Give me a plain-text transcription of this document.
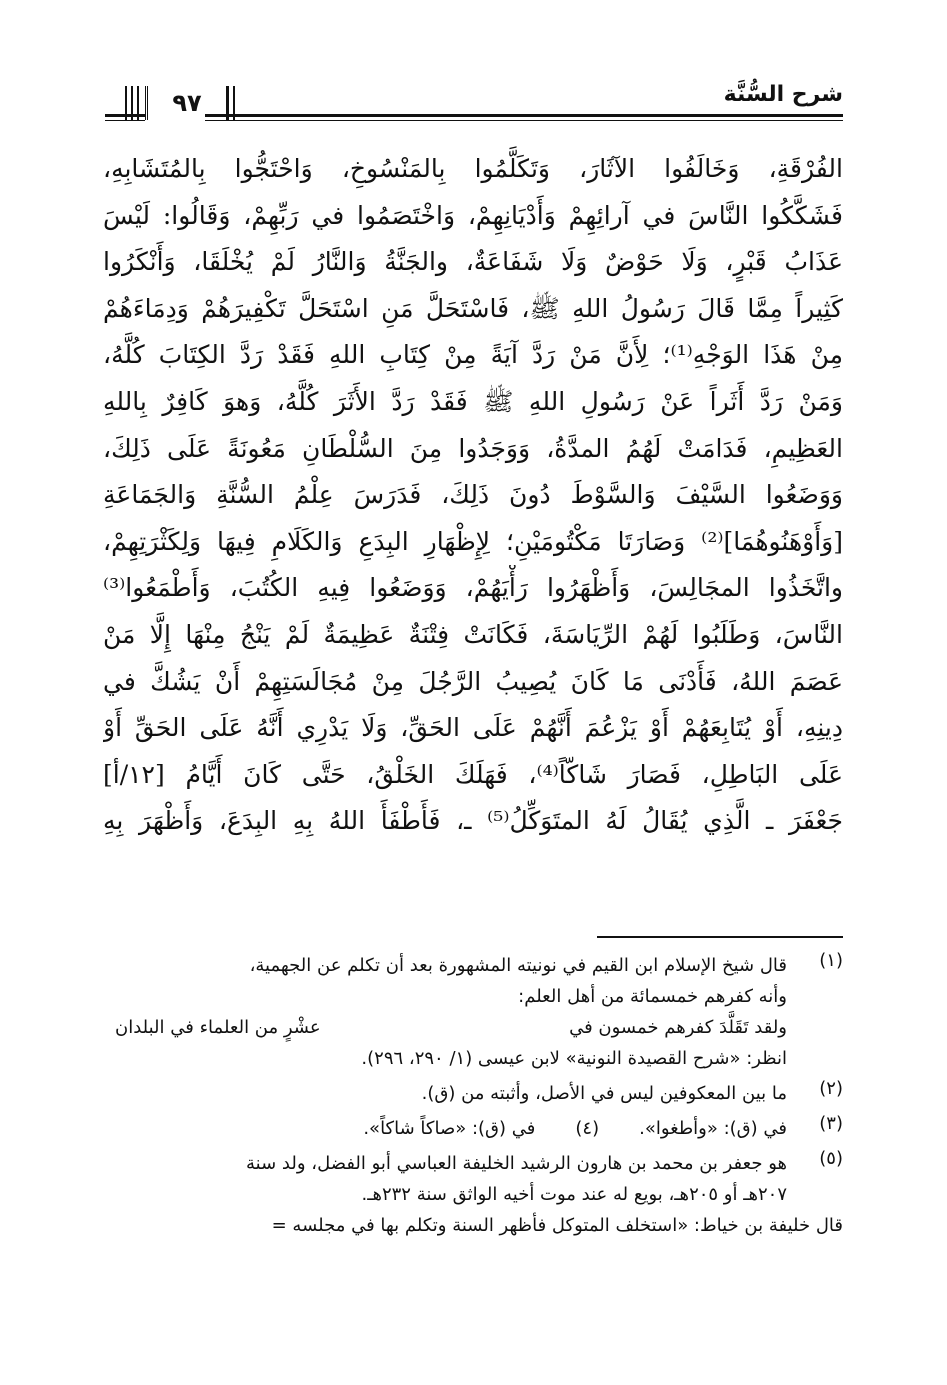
شرح السُّنَّة
٩٧
الفُرْقَةِ، وَخَالَفُوا الآثَارَ، وَتَكَلَّمُوا بِالمَنْسُوخِ، وَاحْتَجُّوا بِالمُتَشَابِهِ،
فَشَكَّكُوا النَّاسَ في آرائِهِمْ وَأَدْيَانِهِمْ، وَاخْتَصَمُوا في رَبِّهِمْ، وَقَالُوا: لَيْسَ
عَذَابُ قَبْرٍ، وَلَا حَوْضٌ وَلَا شَفَاعَةٌ، والجَنَّةُ وَالنَّارُ لَمْ يُخْلَقَا، وَأَنْكَرُوا
كَثِيراً مِمَّا قَالَ رَسُولُ اللهِ ﷺ، فَاسْتَحَلَّ مَنِ اسْتَحَلَّ تَكْفِيرَهُمْ وَدِمَاءَهُمْ
مِنْ هَذَا الوَجْهِ⁽¹⁾؛ لِأَنَّ مَنْ رَدَّ آيَةً مِنْ كِتَابِ اللهِ فَقَدْ رَدَّ الكِتَابَ كُلَّهُ،
وَمَنْ رَدَّ أَثَراً عَنْ رَسُولِ اللهِ ﷺ فَقَدْ رَدَّ الأَثَرَ كُلَّهُ، وَهوَ كَافِرٌ بِاللهِ
العَظِيمِ، فَدَامَتْ لَهُمُ المدَّةُ، وَوَجَدُوا مِنَ السُّلْطَانِ مَعُونَةً عَلَى ذَلِكَ،
وَوَضَعُوا السَّيْفَ وَالسَّوْطَ دُونَ ذَلِكَ، فَدَرَسَ عِلْمُ السُّنَّةِ وَالجَمَاعَةِ
[وَأَوْهَنُوهُمَا]⁽²⁾ وَصَارَتَا مَكْتُومَيْنِ؛ لِإِظْهَارِ البِدَعِ وَالكَلَامِ فِيهَا وَلِكَثْرَتِهِمْ،
واتَّخَذُوا المجَالِسَ، وَأَظْهَرُوا رَأْيَهُمْ، وَوَضَعُوا فِيهِ الكُتُبَ، وَأَطْمَعُوا⁽³⁾
النَّاسَ، وَطَلَبُوا لَهُمْ الرِّيَاسَةَ، فَكَانَتْ فِتْنَةٌ عَظِيمَةٌ لَمْ يَنْجُ مِنْهَا إِلَّا مَنْ
عَصَمَ اللهُ، فَأَدْنَى مَا كَانَ يُصِيبُ الرَّجُلَ مِنْ مُجَالَسَتِهِمْ أَنْ يَشُكَّ في
دِينِهِ، أَوْ يُتَابِعَهُمْ أَوْ يَزْعُمَ أَنَّهُمْ عَلَى الحَقِّ، وَلَا يَدْرِي أَنَّهُ عَلَى الحَقِّ أَوْ
عَلَى البَاطِلِ، فَصَارَ شَاكّاً⁽⁴⁾، فَهَلَكَ الخَلْقُ، حَتَّى كَانَ أَيَّامُ [١٢/أ]
جَعْفَرَ ـ الَّذِي يُقَالُ لَهُ المتَوَكِّلُ⁽⁵⁾ ـ، فَأَطْفَأَ اللهُ بِهِ البِدَعَ، وَأَظْهَرَ بِهِ
(١)
قال شيخ الإسلام ابن القيم في نونيته المشهورة بعد أن تكلم عن الجهمية،
وأنه كفرهم خمسمائة من أهل العلم:
ولقد تَقَلَّدَ كفرهم خمسون في
عشْرٍ من العلماء في البلدان
انظر: «شرح القصيدة النونية» لابن عيسى (١/ ٢٩٠، ٢٩٦).
(٢)
ما بين المعكوفين ليس في الأصل، وأثبته من (ق).
(٣)
في (ق): «وأطغوا».
(٤)
في (ق): «صاكاً شاكاً».
(٥)
هو جعفر بن محمد بن هارون الرشيد الخليفة العباسي أبو الفضل، ولد سنة
٢٠٧هـ أو ٢٠٥هـ، بويع له عند موت أخيه الواثق سنة ٢٣٢هـ.
قال خليفة بن خياط: «استخلف المتوكل فأظهر السنة وتكلم بها في مجلسه =
